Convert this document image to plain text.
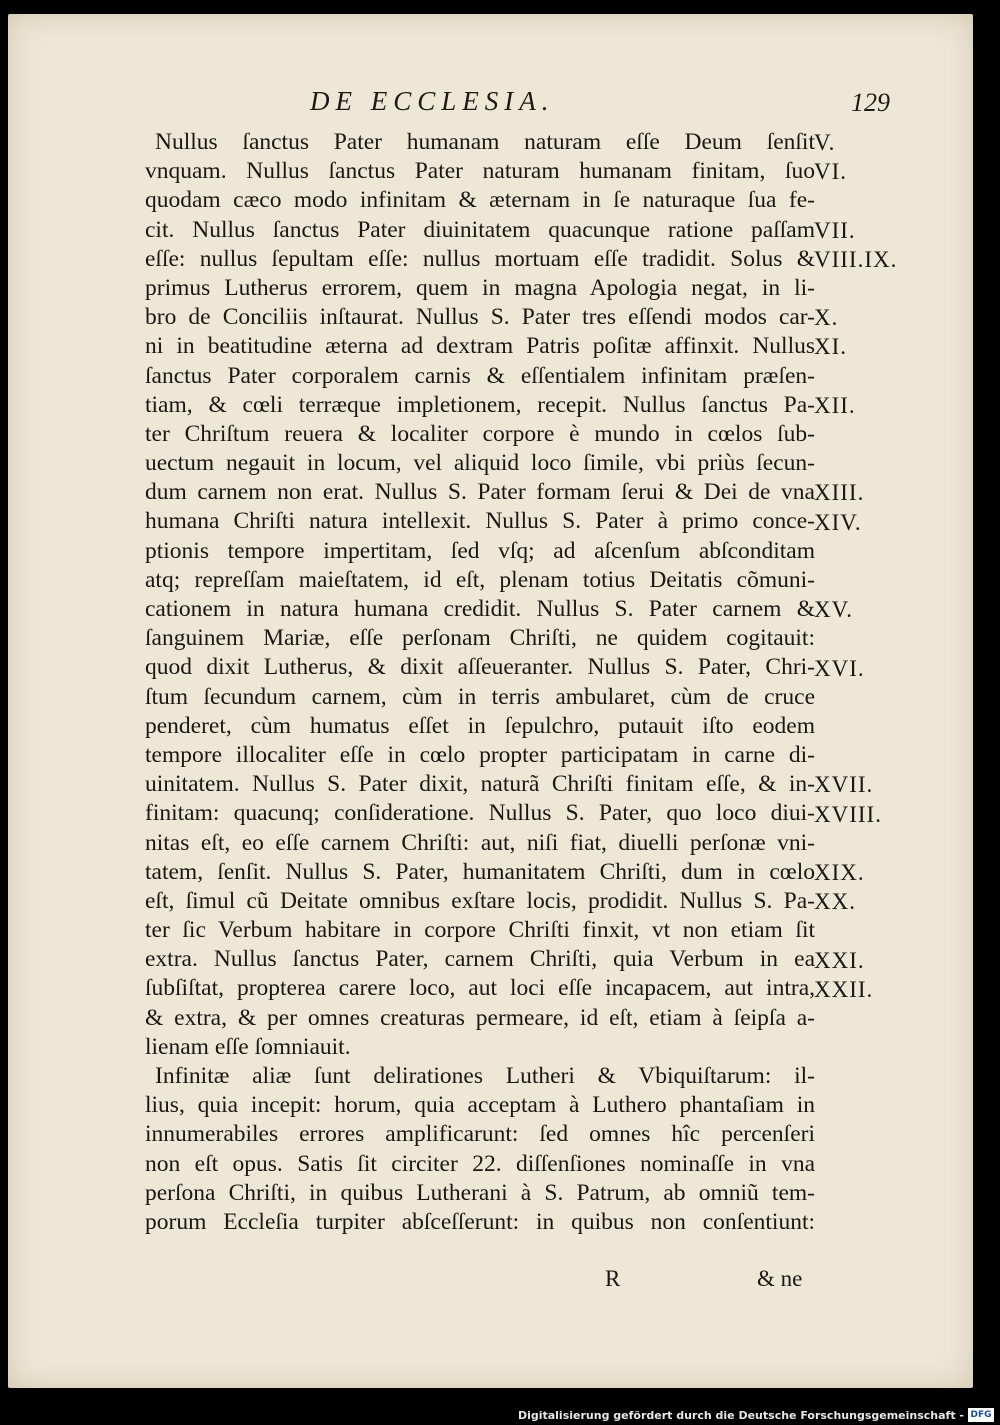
DE ECCLESIA.	129
Nullus ſanctus Pater humanam naturam eſſe Deum ſenſit
vnquam. Nullus ſanctus Pater naturam humanam finitam, ſuo
quodam cæco modo infinitam & æternam in ſe naturaque ſua fe-
cit. Nullus ſanctus Pater diuinitatem quacunque ratione paſſam
eſſe: nullus ſepultam eſſe: nullus mortuam eſſe tradidit. Solus &
primus Lutherus errorem, quem in magna Apologia negat, in li-
bro de Conciliis inſtaurat. Nullus S. Pater tres eſſendi modos car-
ni in beatitudine æterna ad dextram Patris poſitæ affinxit. Nullus
ſanctus Pater corporalem carnis & eſſentialem infinitam præſen-
tiam, & cœli terræque impletionem, recepit. Nullus ſanctus Pa-
ter Chriſtum reuera & localiter corpore è mundo in cœlos ſub-
uectum negauit in locum, vel aliquid loco ſimile, vbi priùs ſecun-
dum carnem non erat. Nullus S. Pater formam ſerui & Dei de vna
humana Chriſti natura intellexit. Nullus S. Pater à primo conce-
ptionis tempore impertitam, ſed vſq; ad aſcenſum abſconditam
atq; repreſſam maieſtatem, id eſt, plenam totius Deitatis cõmuni-
cationem in natura humana credidit. Nullus S. Pater carnem &
ſanguinem Mariæ, eſſe perſonam Chriſti, ne quidem cogitauit:
quod dixit Lutherus, & dixit aſſeueranter. Nullus S. Pater, Chri-
ſtum ſecundum carnem, cùm in terris ambularet, cùm de cruce
penderet, cùm humatus eſſet in ſepulchro, putauit iſto eodem
tempore illocaliter eſſe in cœlo propter participatam in carne di-
uinitatem. Nullus S. Pater dixit, naturã Chriſti finitam eſſe, & in-
finitam: quacunq; conſideratione. Nullus S. Pater, quo loco diui-
nitas eſt, eo eſſe carnem Chriſti: aut, niſi fiat, diuelli perſonæ vni-
tatem, ſenſit. Nullus S. Pater, humanitatem Chriſti, dum in cœlo
eſt, ſimul cũ Deitate omnibus exſtare locis, prodidit. Nullus S. Pa-
ter ſic Verbum habitare in corpore Chriſti finxit, vt non etiam ſit
extra. Nullus ſanctus Pater, carnem Chriſti, quia Verbum in ea
ſubſiſtat, propterea carere loco, aut loci eſſe incapacem, aut intra,
& extra, & per omnes creaturas permeare, id eſt, etiam à ſeipſa a-
lienam eſſe ſomniauit.
Infinitæ aliæ ſunt delirationes Lutheri & Vbiquiſtarum: il-
lius, quia incepit: horum, quia acceptam à Luthero phantaſiam in
innumerabiles errores amplificarunt: ſed omnes hîc percenſeri
non eſt opus. Satis ſit circiter 22. diſſenſiones nominaſſe in vna
perſona Chriſti, in quibus Lutherani à S. Patrum, ab omniũ tem-
porum Eccleſia turpiter abſceſſerunt: in quibus non conſentiunt:
V.
VI.
VII.
VIII.IX.
X.
XI.
XII.
XIII.
XIV.
XV.
XVI.
XVII.
XVIII.
XIX.
XX.
XXI.
XXII.
R	& ne
Digitalisierung gefördert durch die Deutsche Forschungsgemeinschaft - DFG
